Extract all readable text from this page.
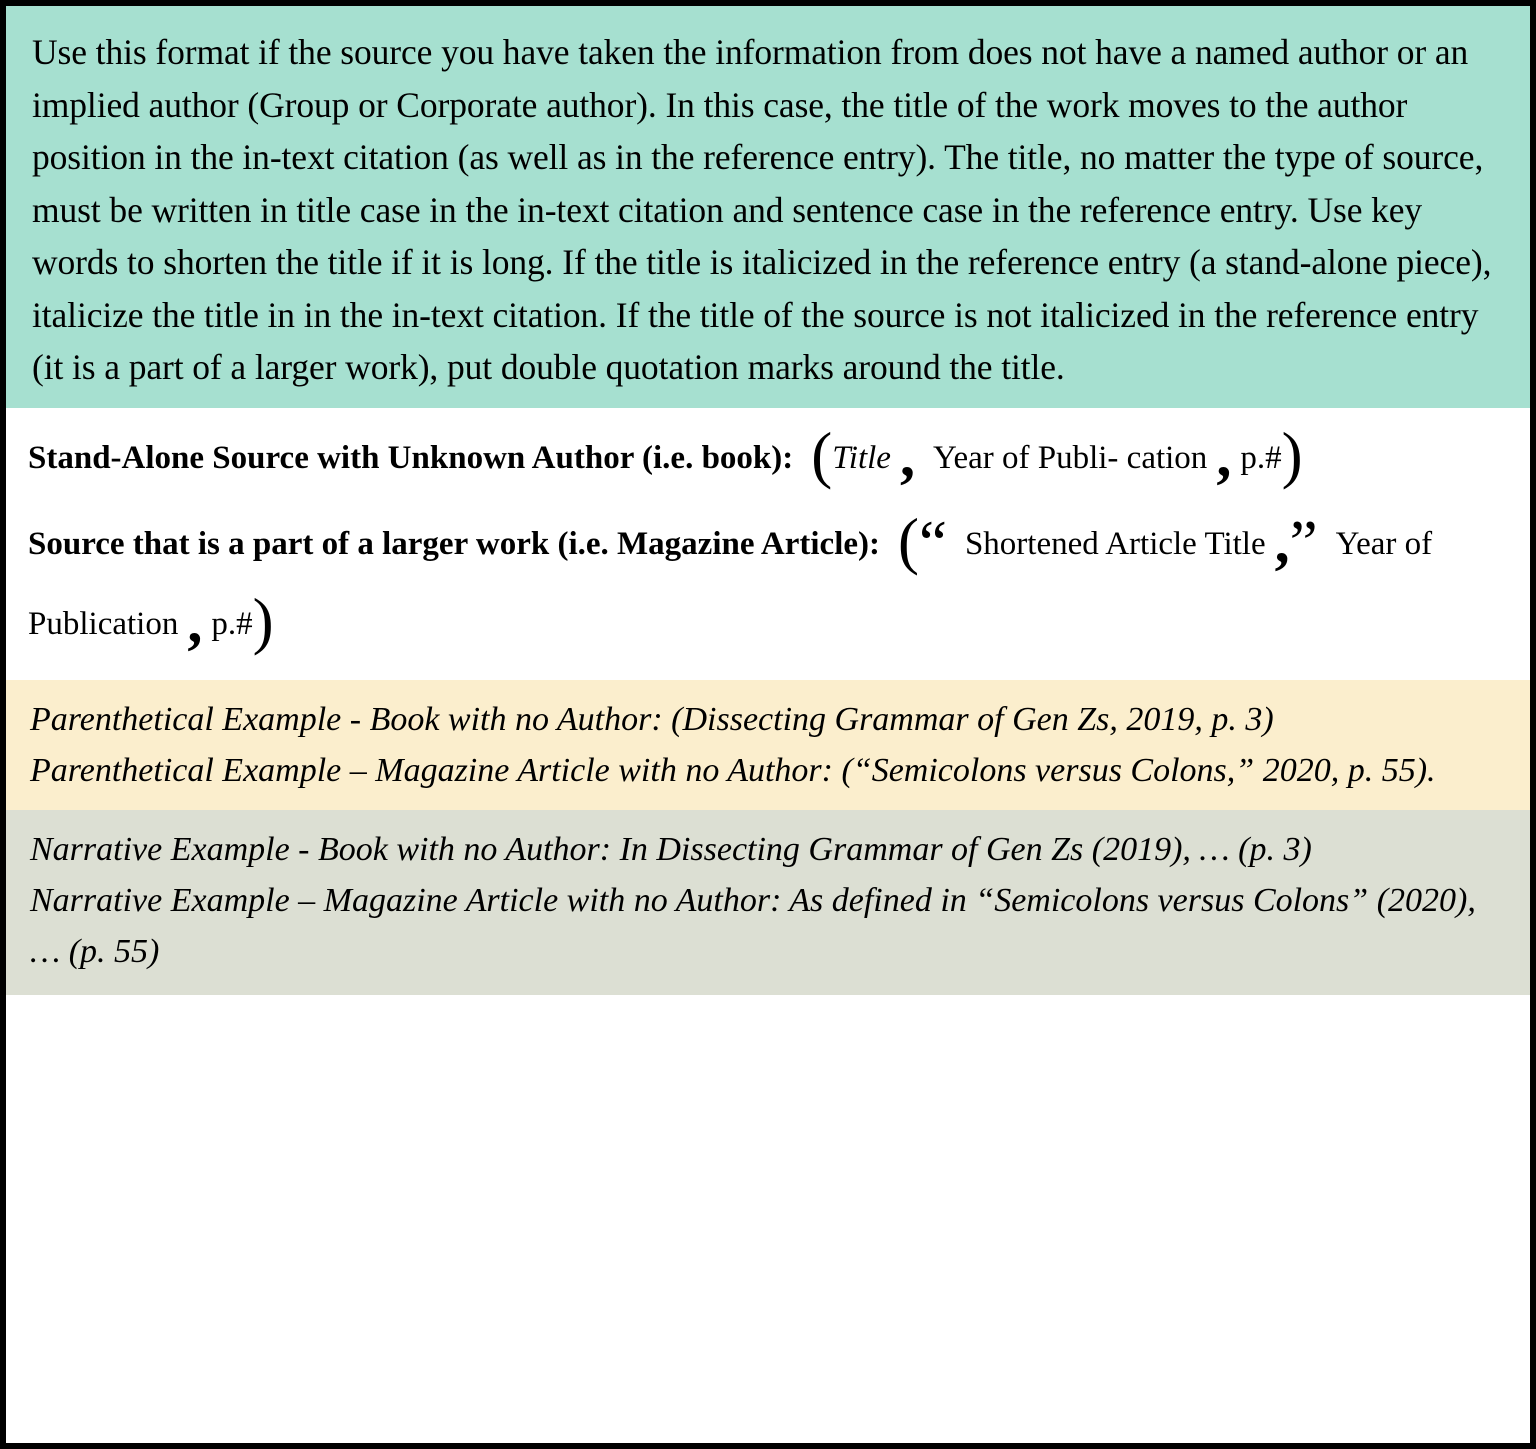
Use this format if the source you have taken the information from does not have a named author or an implied author (Group or Corporate author). In this case, the title of the work moves to the author position in the in-text citation (as well as in the reference entry). The title, no matter the type of source, must be written in title case in the in-text citation and sentence case in the reference entry. Use key words to shorten the title if it is long. If the title is italicized in the reference entry (a stand-alone piece), italicize the title in in the in-text citation. If the title of the source is not italicized in the reference entry (it is a part of a larger work), put double quotation marks around the title.

Stand-Alone Source with Unknown Author (i.e. book): (Title , Year of Publi- cation , p.#)

Source that is a part of a larger work (i.e. Magazine Article): (“ Shortened Article Title ,” Year of Publication , p.#)

Parenthetical Example - Book with no Author: (Dissecting Grammar of Gen Zs, 2019, p. 3)

Parenthetical Example – Magazine Article with no Author: (“Semicolons versus Colons,” 2020, p. 55).

Narrative Example - Book with no Author: In Dissecting Grammar of Gen Zs (2019), … (p. 3)

Narrative Example – Magazine Article with no Author: As defined in “Semicolons versus Colons” (2020), … (p. 55)
